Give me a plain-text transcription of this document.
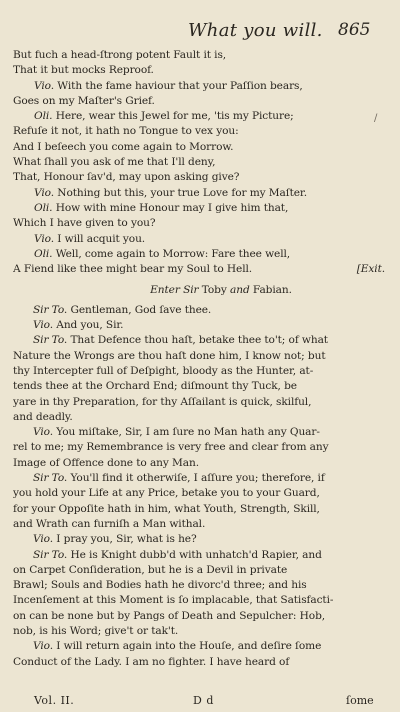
What you will. 865
But fuch a head-ſtrong potent Fault it is,
That it but mocks Reproof.
Vio. With the fame haviour that your Paſſion bears,
Goes on my Maſter's Grief.
Oli. Here, wear this Jewel for me, 'tis my Picture;
Refuſe it not, it hath no Tongue to vex you:
And I beſeech you come again to Morrow.
What ſhall you ask of me that I'll deny,
That, Honour ſav'd, may upon asking give?
Vio. Nothing but this, your true Love for my Maſter.
Oli. How with mine Honour may I give him that,
Which I have given to you?
Vio. I will acquit you.
Oli. Well, come again to Morrow: Fare thee well,
A Fiend like thee might bear my Soul to Hell.	[Exit.
Enter Sir Toby and Fabian.
Sir To. Gentleman, God ſave thee.
Vio. And you, Sir.
Sir To. That Defence thou haſt, betake thee to't; of what
Nature the Wrongs are thou haſt done him, I know not; but
thy Intercepter full of Deſpight, bloody as the Hunter, at-
tends thee at the Orchard End; diſmount thy Tuck, be
yare in thy Preparation, for thy Aſſailant is quick, skilful,
and deadly.
Vio. You miſtake, Sir, I am ſure no Man hath any Quar-
rel to me; my Remembrance is very free and clear from any
Image of Offence done to any Man.
Sir To. You'll find it otherwiſe, I aſſure you; therefore, if
you hold your Life at any Price, betake you to your Guard,
for your Oppoſite hath in him, what Youth, Strength, Skill,
and Wrath can furniſh a Man withal.
Vio. I pray you, Sir, what is he?
Sir To. He is Knight dubb'd with unhatch'd Rapier, and
on Carpet Conſideration, but he is a Devil in private
Brawl; Souls and Bodies hath he divorc'd three; and his
Incenſement at this Moment is ſo implacable, that Satisfacti-
on can be none but by Pangs of Death and Sepulcher: Hob,
nob, is his Word; give't or tak't.
Vio. I will return again into the Houſe, and deſire ſome
Conduct of the Lady. I am no fighter. I have heard of
/
Vol. II.	D d	ſome
